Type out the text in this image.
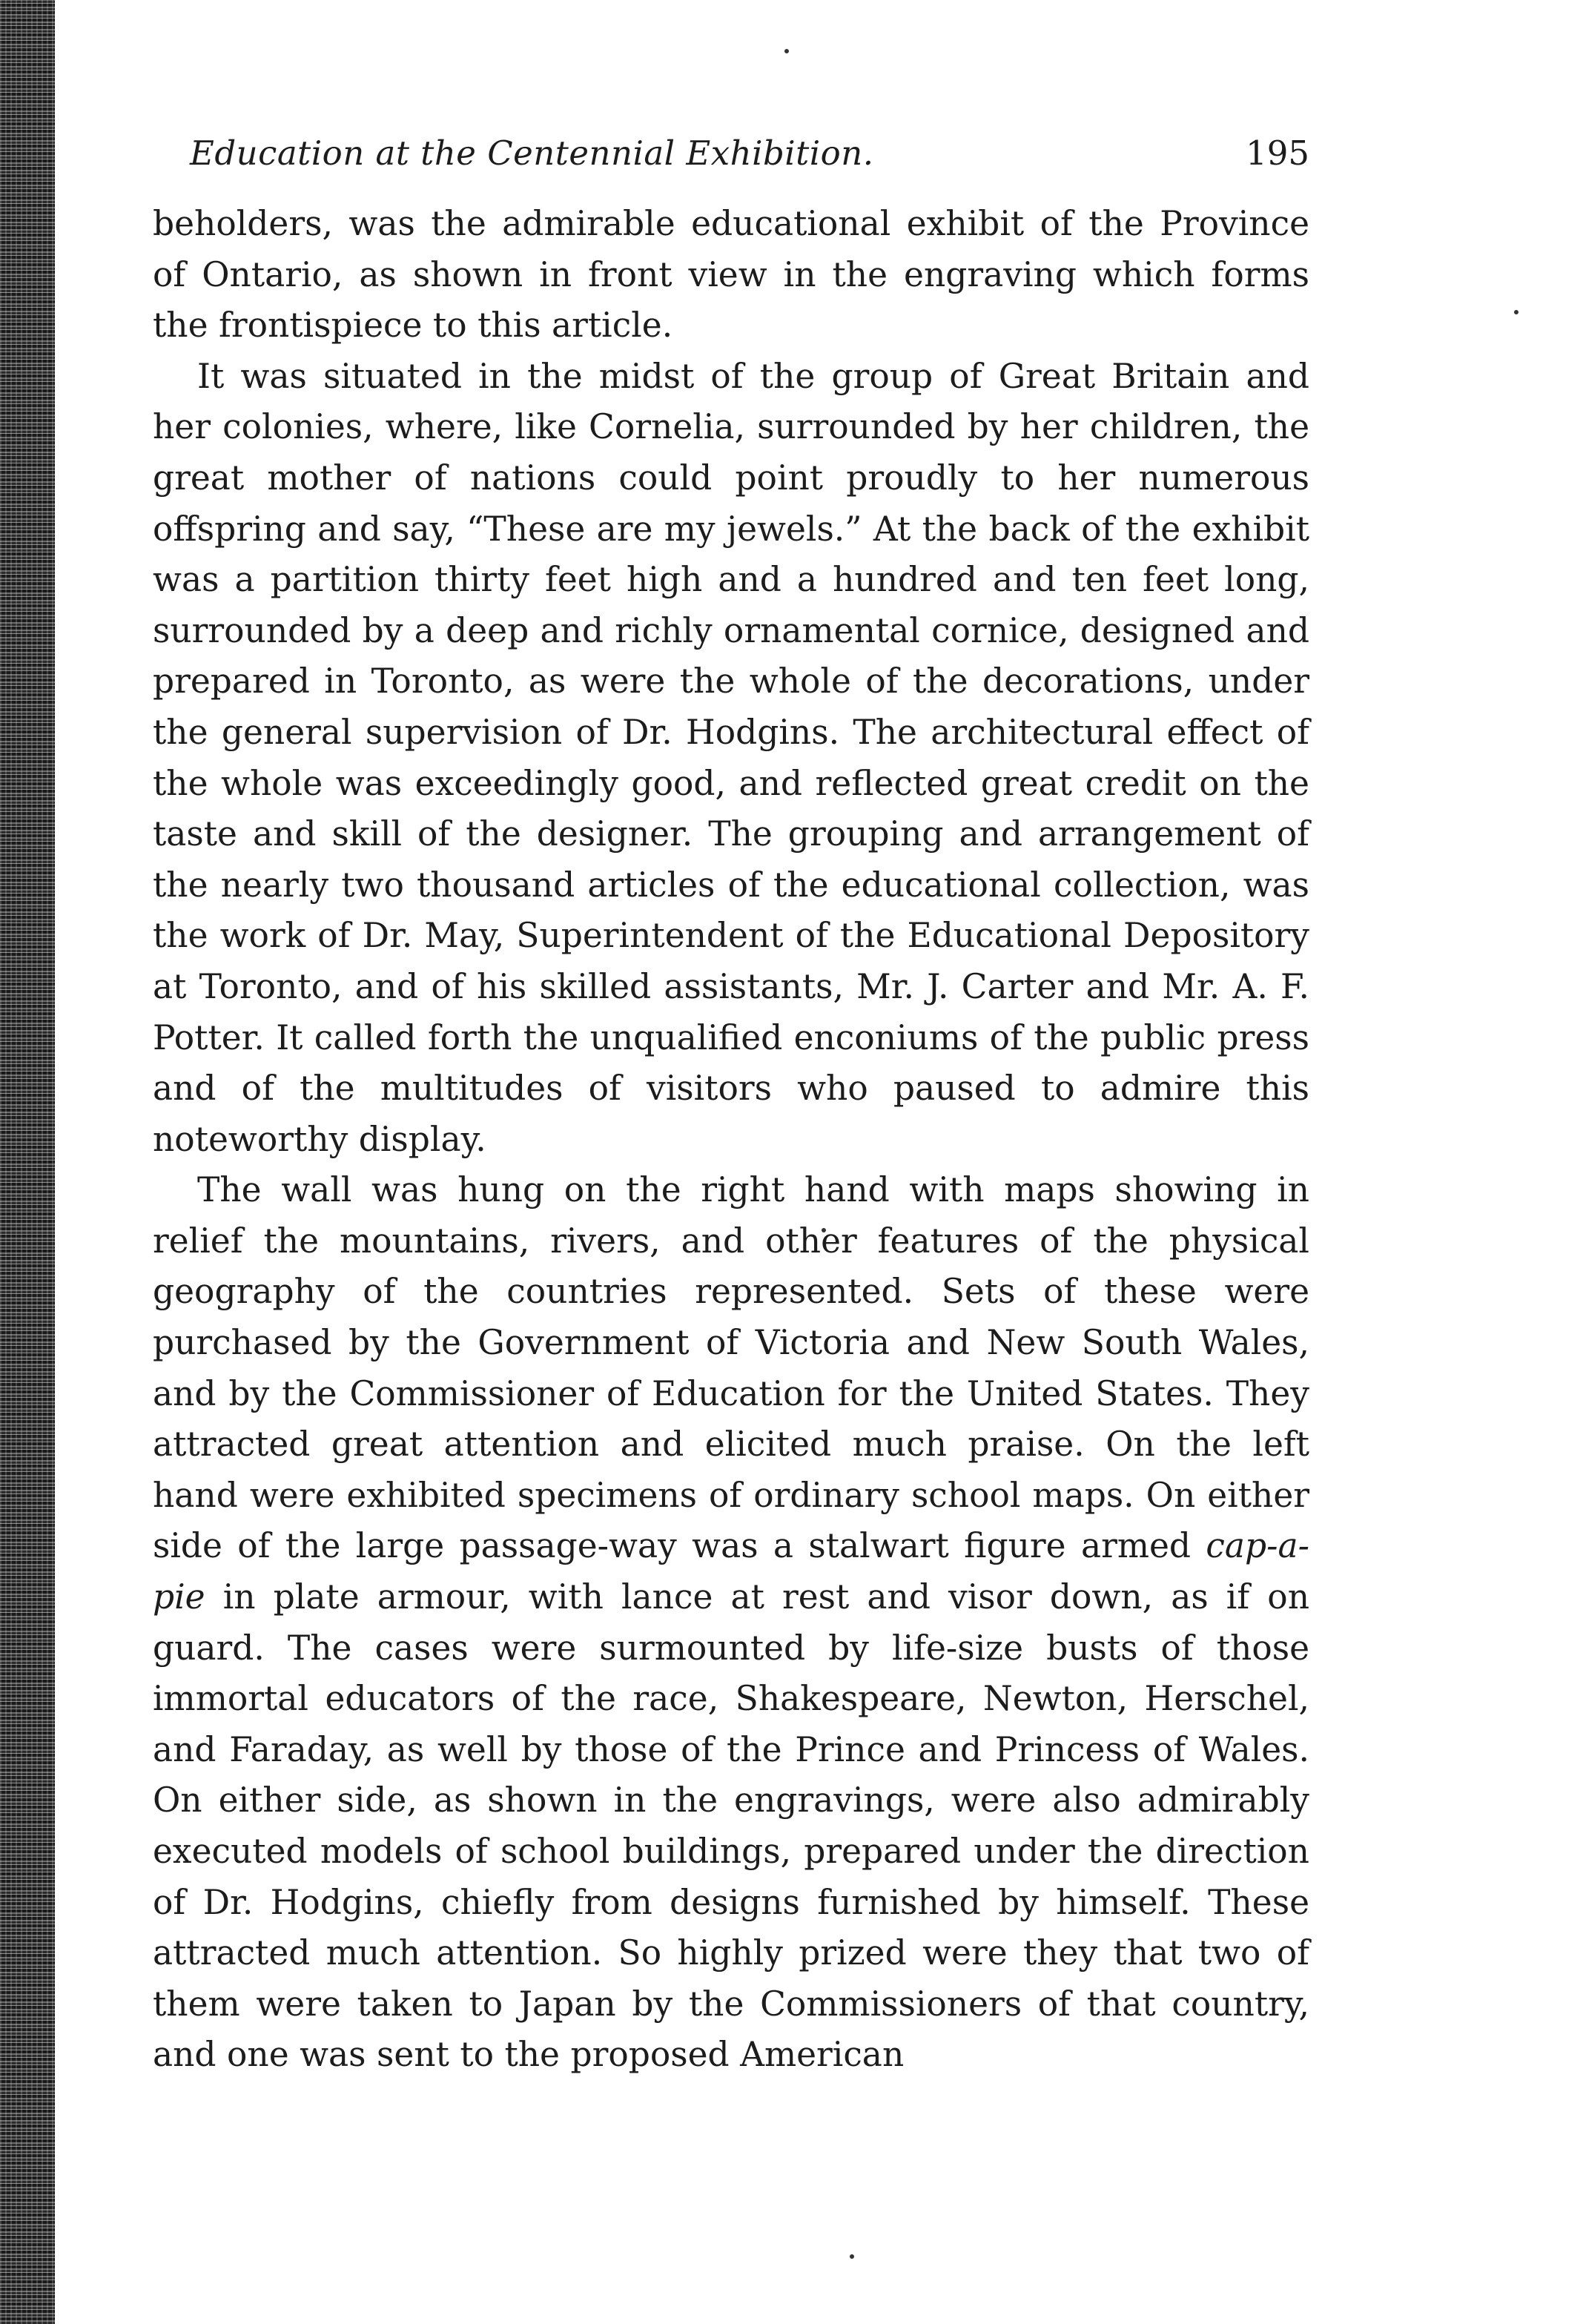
Education at the Centennial Exhibition.	195

beholders, was the admirable educational exhibit of the Province of Ontario, as shown in front view in the engraving which forms the frontispiece to this article.

It was situated in the midst of the group of Great Britain and her colonies, where, like Cornelia, surrounded by her children, the great mother of nations could point proudly to her numerous offspring and say, “These are my jewels.” At the back of the exhibit was a partition thirty feet high and a hundred and ten feet long, surrounded by a deep and richly ornamental cornice, designed and prepared in Toronto, as were the whole of the decorations, under the general supervision of Dr. Hodgins. The architectural effect of the whole was exceedingly good, and reflected great credit on the taste and skill of the designer. The grouping and arrangement of the nearly two thousand articles of the educational collection, was the work of Dr. May, Superintendent of the Educational Depository at Toronto, and of his skilled assistants, Mr. J. Carter and Mr. A. F. Potter. It called forth the unqualified enconiums of the public press and of the multitudes of visitors who paused to admire this noteworthy display.

The wall was hung on the right hand with maps showing in relief the mountains, rivers, and other features of the physical geography of the countries represented. Sets of these were purchased by the Government of Victoria and New South Wales, and by the Commissioner of Education for the United States. They attracted great attention and elicited much praise. On the left hand were exhibited specimens of ordinary school maps. On either side of the large passage-way was a stalwart figure armed cap-a-pie in plate armour, with lance at rest and visor down, as if on guard. The cases were surmounted by life-size busts of those immortal educators of the race, Shakespeare, Newton, Herschel, and Faraday, as well by those of the Prince and Princess of Wales. On either side, as shown in the engravings, were also admirably executed models of school buildings, prepared under the direction of Dr. Hodgins, chiefly from designs furnished by himself. These attracted much attention. So highly prized were they that two of them were taken to Japan by the Commissioners of that country, and one was sent to the proposed American
